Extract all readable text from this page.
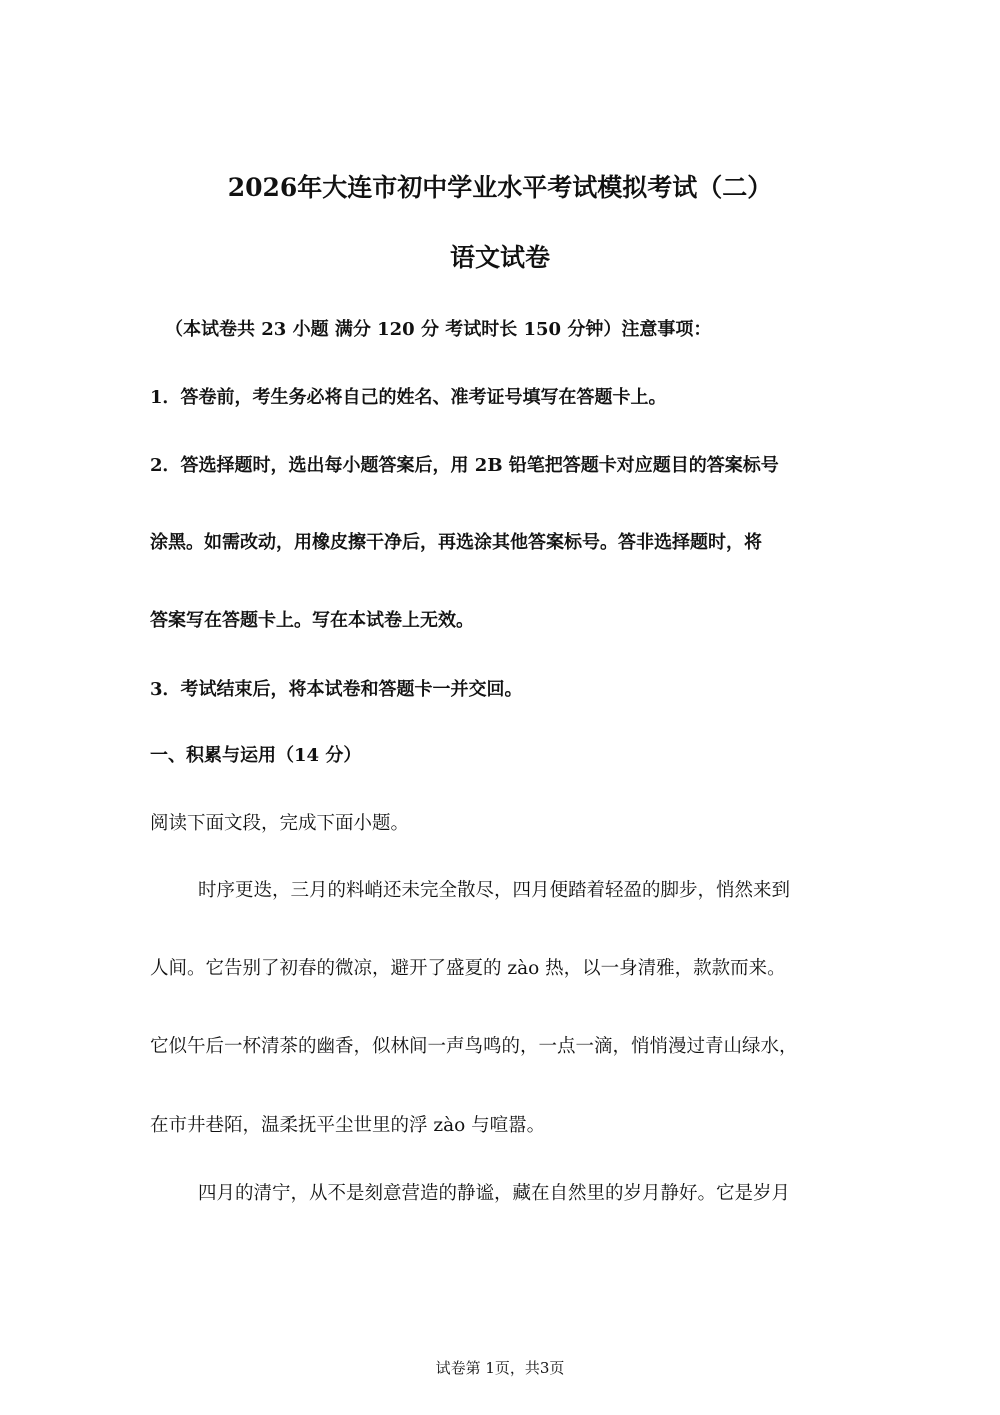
2026年大连市初中学业水平考试模拟考试（二）
语文试卷
（本试卷共 23 小题 满分 120 分 考试时长 150 分钟）注意事项：
1．答卷前，考生务必将自己的姓名、准考证号填写在答题卡上。
2．答选择题时，选出每小题答案后，用 2B 铅笔把答题卡对应题目的答案标号
涂黑。如需改动，用橡皮擦干净后，再选涂其他答案标号。答非选择题时，将
答案写在答题卡上。写在本试卷上无效。
3．考试结束后，将本试卷和答题卡一并交回。
一、积累与运用（14 分）
阅读下面文段，完成下面小题。
时序更迭，三月的料峭还未完全散尽，四月便踏着轻盈的脚步，悄然来到
人间。它告别了初春的微凉，避开了盛夏的 zào 热，以一身清雅，款款而来。
它似午后一杯清茶的幽香，似林间一声鸟鸣的，一点一滴，悄悄漫过青山绿水，
在市井巷陌，温柔抚平尘世里的浮 zào 与喧嚣。
四月的清宁，从不是刻意营造的静谧，藏在自然里的岁月静好。它是岁月
试卷第 1页，共3页
